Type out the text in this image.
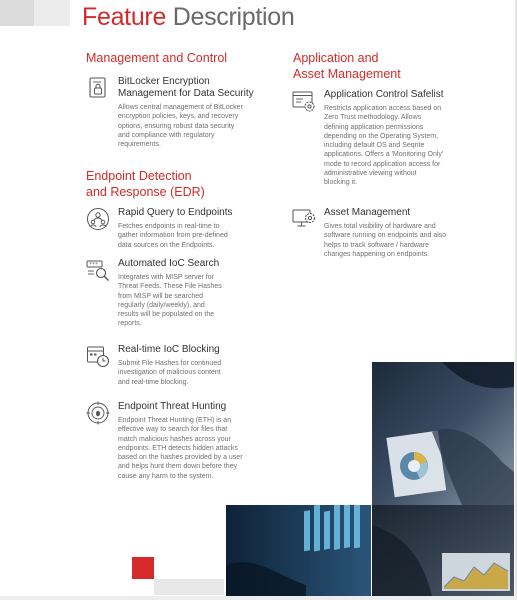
Feature Description
Management and Control
BitLocker Encryption
Management for Data Security
Allows central management of BitLocker
encryption policies, keys, and recovery
options, ensuring robust data security
and compliance with regulatory
requirements.
Endpoint Detection
and Response (EDR)
Rapid Query to Endpoints
Fetches endpoints in real-time to
gather information from pre-defined
data sources on the Endpoints.
*** Automated IoC Search
Integrates with MISP server for
Threat Feeds. These File Hashes
from MISP will be searched
regularly (daily/weekly), and
results will be populated on the
reports.
Real-time IoC Blocking
Submit File Hashes for continued
investigation of malicious content
and real-time blocking.
Endpoint Threat Hunting
Endpoint Threat Hunting (ETH) is an
effective way to search for files that
match malicious hashes across your
endpoints. ETH detects hidden attacks
based on the hashes provided by a user
and helps hunt them down before they
cause any harm to the system.
Application and
Asset Management
Application Control Safelist
Restricts application access based on
Zero Trust methodology. Allows
defining application permissions
depending on the Operating System,
including default OS and Seqrite
applications. Offers a 'Monitoring Only'
mode to record application access for
administrative viewing without
blocking it.
Asset Management
Gives total visibility of hardware and
software running on endpoints and also
helps to track software / hardware
changes happening on endpoints.
